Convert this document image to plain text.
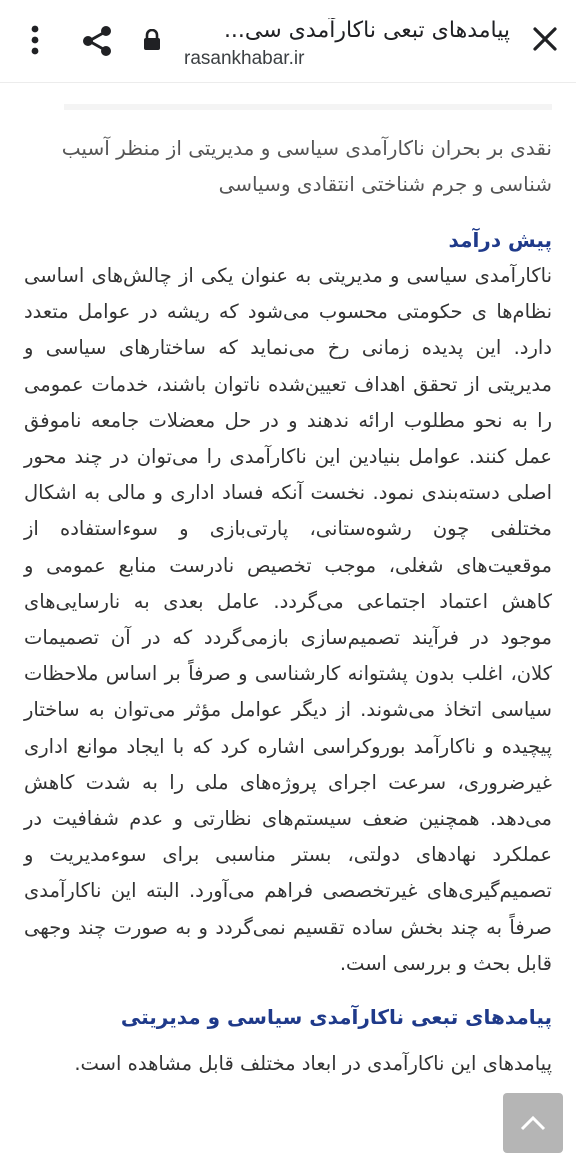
پیامدهای تبعی ناکارآمدی سی...
rasankhabar.ir

نقدی بر بحران ناکارآمدی سیاسی و مدیریتی از منظر آسیب شناسی و جرم شناختی انتقادی وسیاسی

پیش درآمد

ناکارآمدی سیاسی و مدیریتی به عنوان یکی از چالش‌های اساسی نظام‌ها ی حکومتی محسوب می‌شود که ریشه در عوامل متعدد دارد. این پدیده زمانی رخ می‌نماید که ساختارهای سیاسی و مدیریتی از تحقق اهداف تعیین‌شده ناتوان باشند، خدمات عمومی را به نحو مطلوب ارائه ندهند و در حل معضلات جامعه ناموفق عمل کنند. عوامل بنیادین این ناکارآمدی را می‌توان در چند محور اصلی دسته‌بندی نمود. نخست آنکه فساد اداری و مالی به اشکال مختلفی چون رشوه‌ستانی، پارتی‌بازی و سوءاستفاده از موقعیت‌های شغلی، موجب تخصیص نادرست منابع عمومی و کاهش اعتماد اجتماعی می‌گردد. عامل بعدی به نارسایی‌های موجود در فرآیند تصمیم‌سازی بازمی‌گردد که در آن تصمیمات کلان، اغلب بدون پشتوانه کارشناسی و صرفاً بر اساس ملاحظات سیاسی اتخاذ می‌شوند. از دیگر عوامل مؤثر می‌توان به ساختار پیچیده و ناکارآمد بوروکراسی اشاره کرد که با ایجاد موانع اداری غیرضروری، سرعت اجرای پروژه‌های ملی را به شدت کاهش می‌دهد. همچنین ضعف سیستم‌های نظارتی و عدم شفافیت در عملکرد نهادهای دولتی، بستر مناسبی برای سوءمدیریت و تصمیم‌گیری‌های غیرتخصصی فراهم می‌آورد. البته این ناکارآمدی صرفاً به چند بخش ساده تقسیم نمی‌گردد و به صورت چند وجهی قابل بحث و بررسی است.

پیامدهای تبعی ناکارآمدی سیاسی و مدیریتی

پیامدهای این ناکارآمدی در ابعاد مختلف قابل مشاهده است.
